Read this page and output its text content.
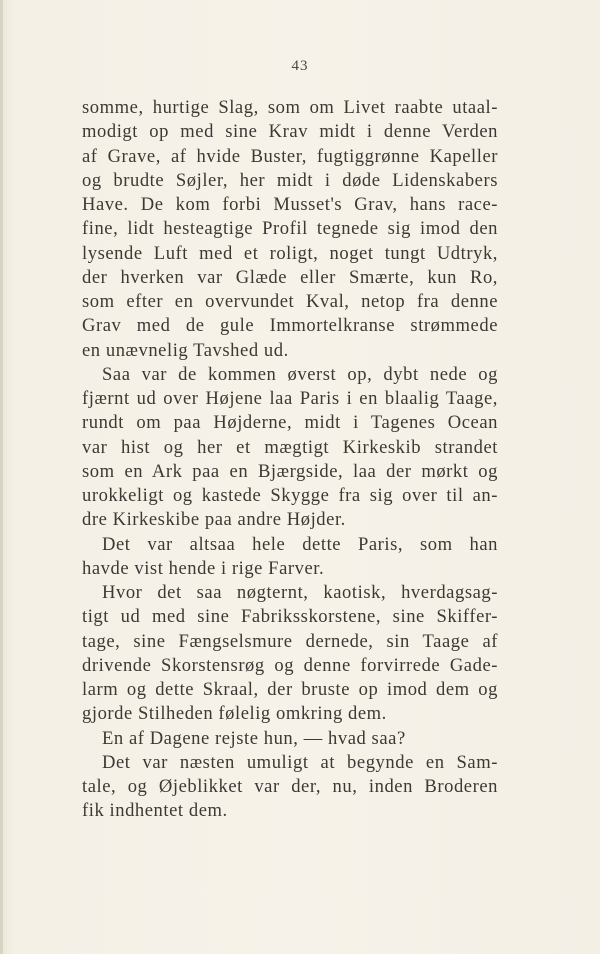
43
somme, hurtige Slag, som om Livet raabte utaal-
modigt op med sine Krav midt i denne Verden
af Grave, af hvide Buster, fugtiggrønne Kapeller
og brudte Søjler, her midt i døde Lidenskabers
Have. De kom forbi Musset's Grav, hans race-
fine, lidt hesteagtige Profil tegnede sig imod den
lysende Luft med et roligt, noget tungt Udtryk,
der hverken var Glæde eller Smærte, kun Ro,
som efter en overvundet Kval, netop fra denne
Grav med de gule Immortelkranse strømmede
en unævnelig Tavshed ud.
Saa var de kommen øverst op, dybt nede og
fjærnt ud over Højene laa Paris i en blaalig Taage,
rundt om paa Højderne, midt i Tagenes Ocean
var hist og her et mægtigt Kirkeskib strandet
som en Ark paa en Bjærgside, laa der mørkt og
urokkeligt og kastede Skygge fra sig over til an-
dre Kirkeskibe paa andre Højder.
Det var altsaa hele dette Paris, som han
havde vist hende i rige Farver.
Hvor det saa nøgternt, kaotisk, hverdagsag-
tigt ud med sine Fabriksskorstene, sine Skiffer-
tage, sine Fængselsmure dernede, sin Taage af
drivende Skorstensrøg og denne forvirrede Gade-
larm og dette Skraal, der bruste op imod dem og
gjorde Stilheden følelig omkring dem.
En af Dagene rejste hun, — hvad saa?
Det var næsten umuligt at begynde en Sam-
tale, og Øjeblikket var der, nu, inden Broderen
fik indhentet dem.
